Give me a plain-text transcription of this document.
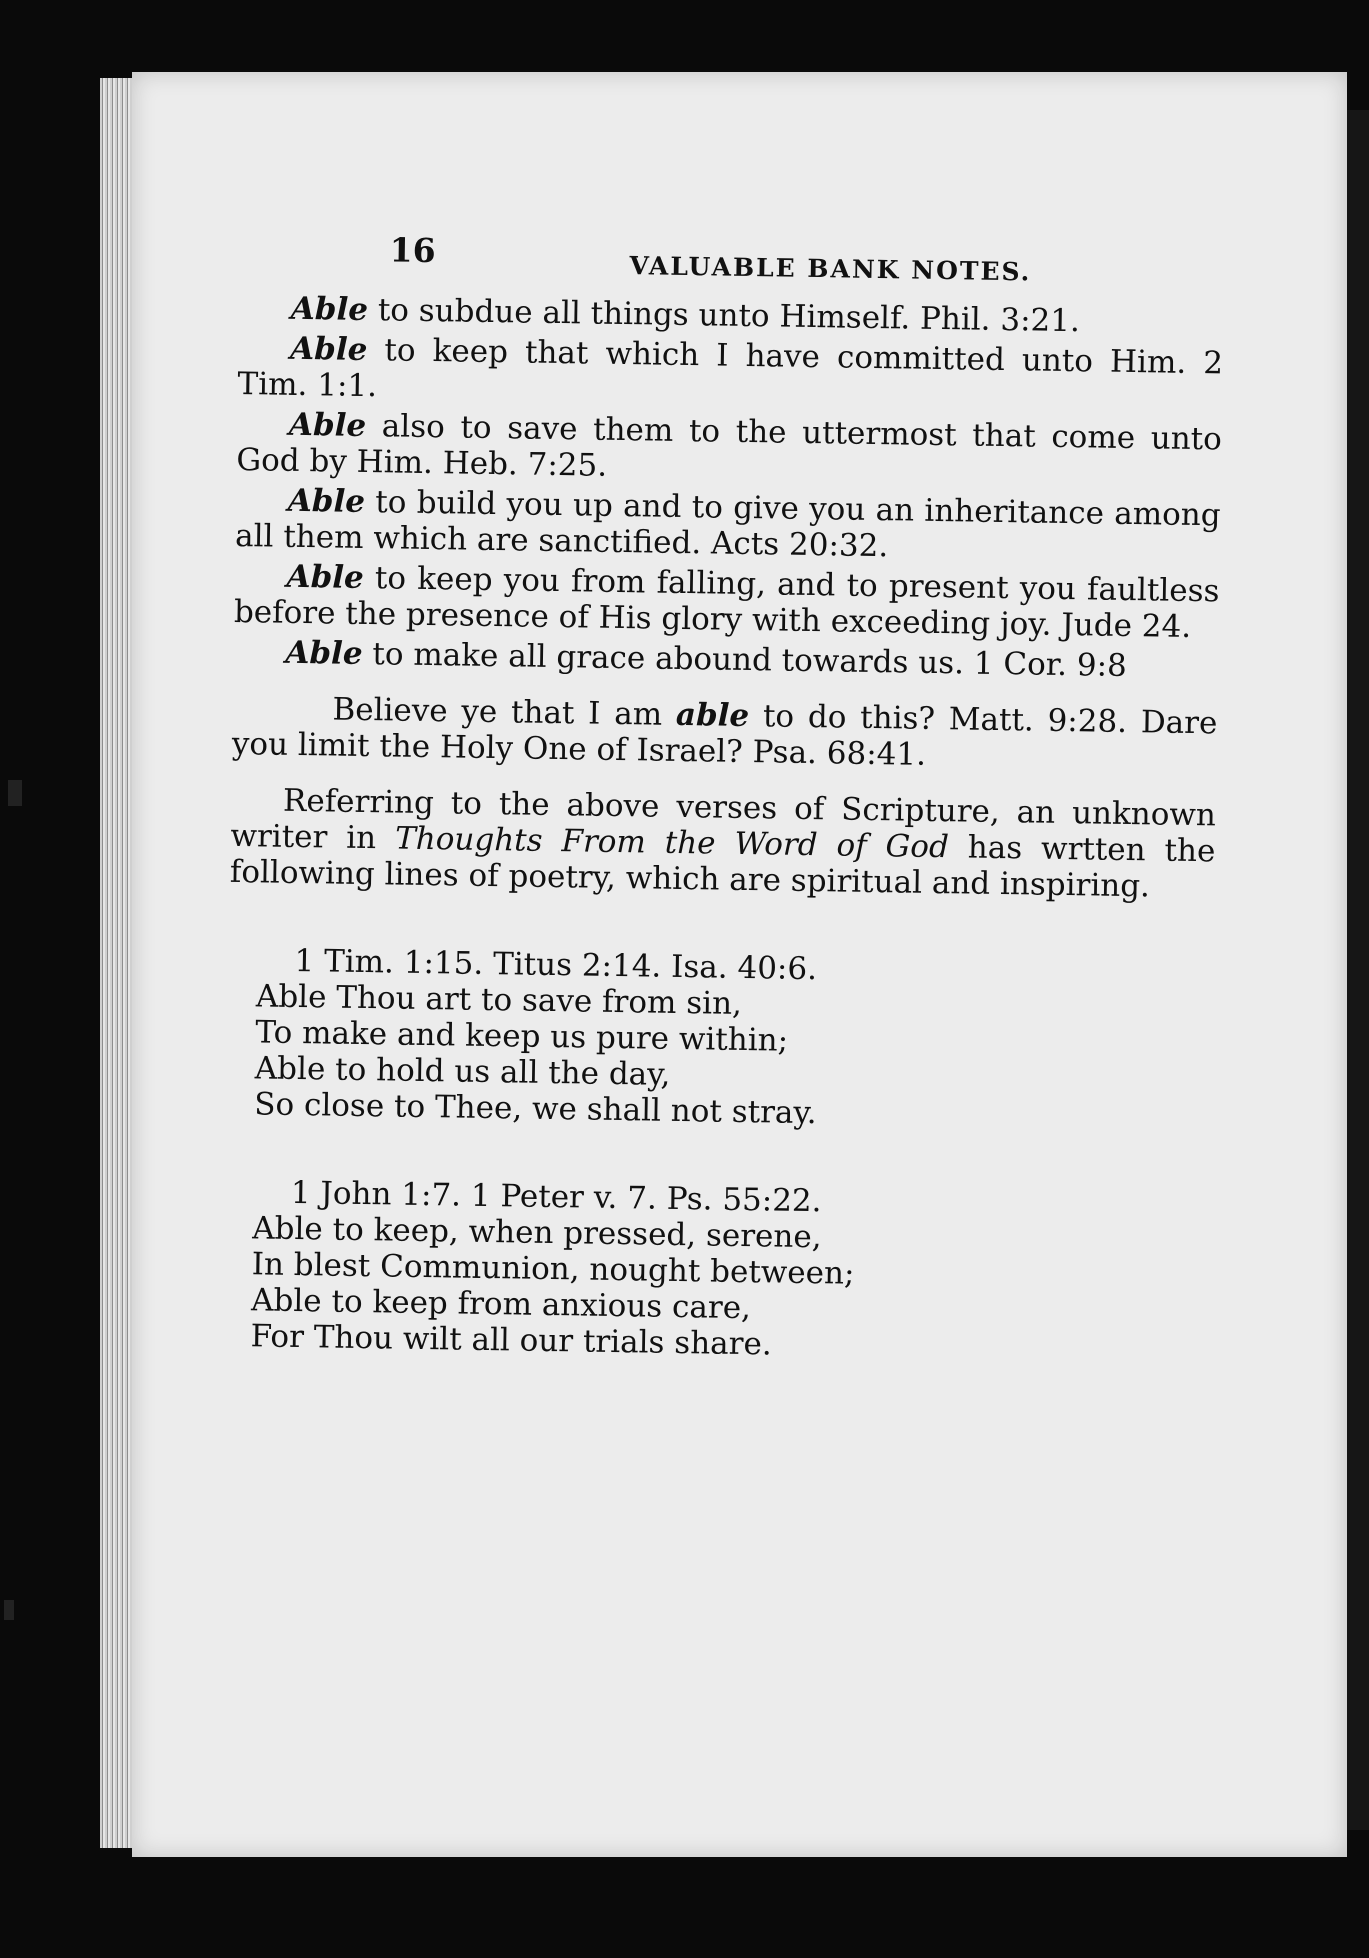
16	VALUABLE BANK NOTES.

Able to subdue all things unto Himself. Phil. 3:21.

Able to keep that which I have committed unto Him. 2 Tim. 1:1.

Able also to save them to the uttermost that come unto God by Him. Heb. 7:25.

Able to build you up and to give you an inheritance among all them which are sanctified. Acts 20:32.

Able to keep you from falling, and to present you faultless before the presence of His glory with exceeding joy. Jude 24.

Able to make all grace abound towards us. 1 Cor. 9:8

Believe ye that I am able to do this? Matt. 9:28. Dare you limit the Holy One of Israel? Psa. 68:41.

Referring to the above verses of Scripture, an unknown writer in Thoughts From the Word of God has wrtten the following lines of poetry, which are spiritual and inspiring.

1 Tim. 1:15. Titus 2:14. Isa. 40:6.
Able Thou art to save from sin,
To make and keep us pure within;
Able to hold us all the day,
So close to Thee, we shall not stray.
1 John 1:7. 1 Peter v. 7. Ps. 55:22.
Able to keep, when pressed, serene,
In blest Communion, nought between;
Able to keep from anxious care,
For Thou wilt all our trials share.
